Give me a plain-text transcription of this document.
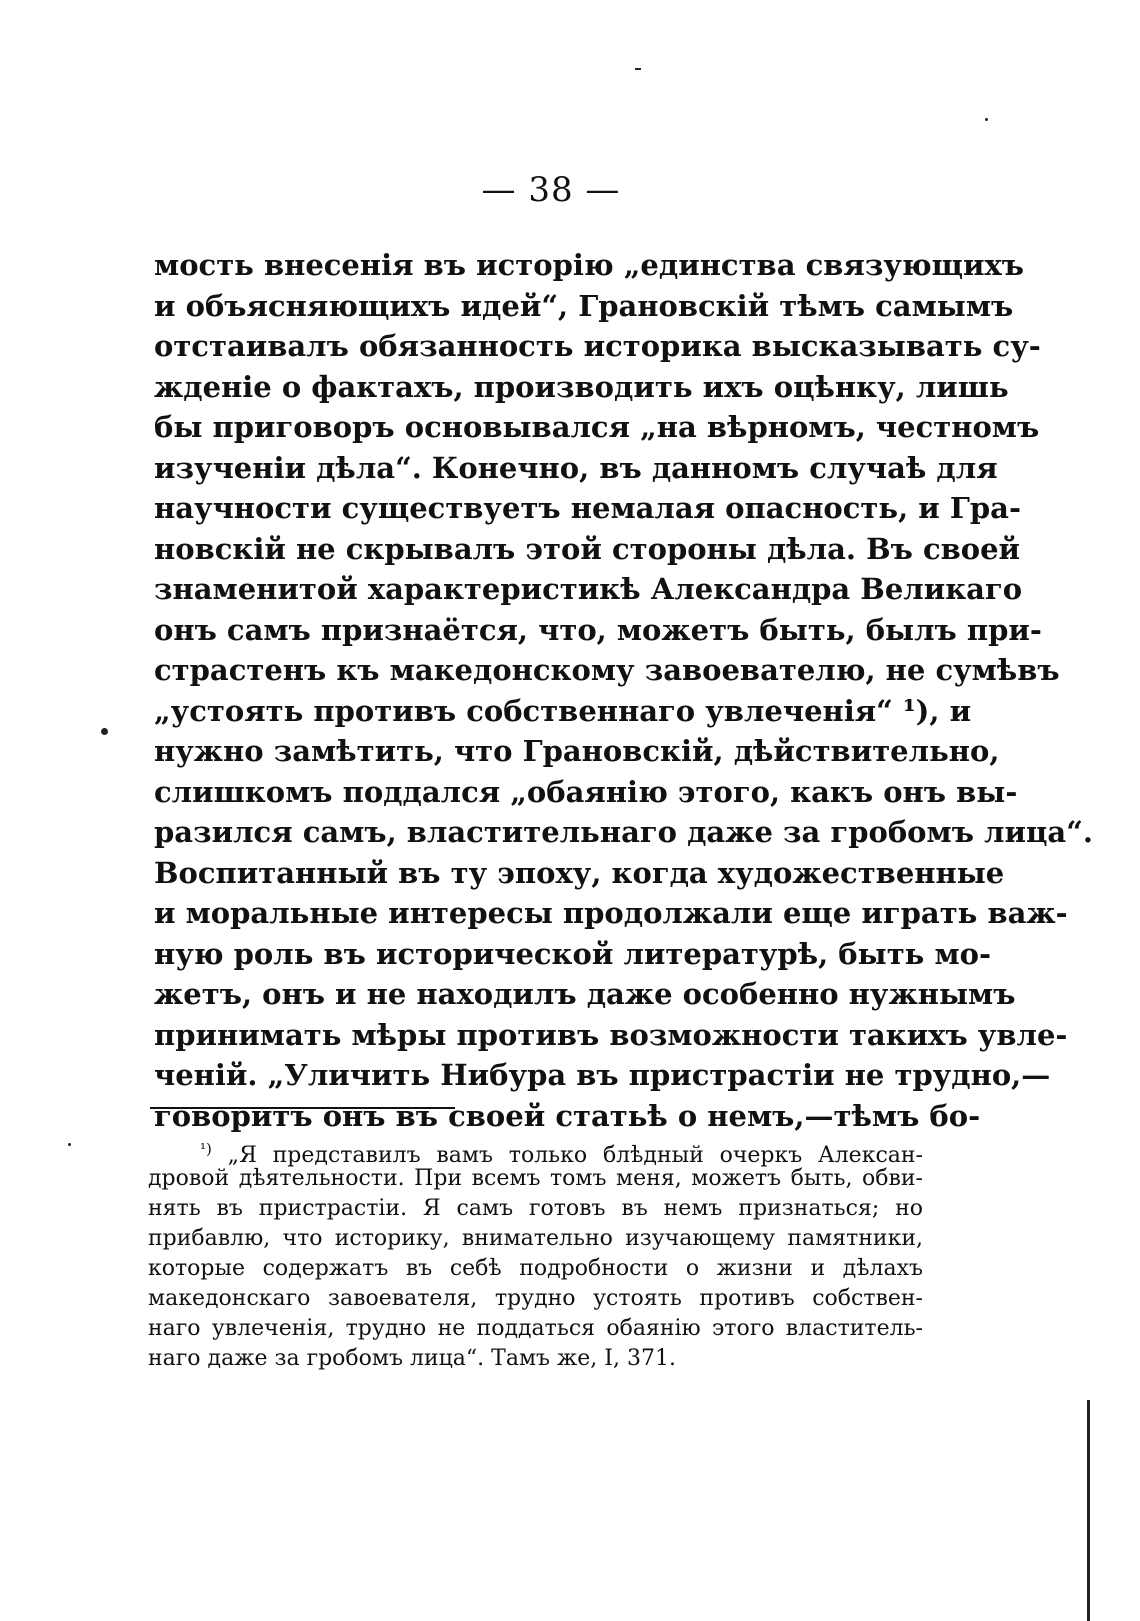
— 38 —
мость внесенія въ исторію „единства связующихъ
и объясняющихъ идей“, Грановскій тѣмъ самымъ
отстаивалъ обязанность историка высказывать су-
жденіе о фактахъ, производить ихъ оцѣнку, лишь
бы приговоръ основывался „на вѣрномъ, честномъ
изученіи дѣла“. Конечно, въ данномъ случаѣ для
научности существуетъ немалая опасность, и Гра-
новскій не скрывалъ этой стороны дѣла. Въ своей
знаменитой характеристикѣ Александра Великаго
онъ самъ признаётся, что, можетъ быть, былъ при-
страстенъ къ македонскому завоевателю, не сумѣвъ
„устоять противъ собственнаго увлеченія“ ¹), и
нужно замѣтить, что Грановскій, дѣйствительно,
слишкомъ поддался „обаянію этого, какъ онъ вы-
разился самъ, властительнаго даже за гробомъ лица“.
Воспитанный въ ту эпоху, когда художественные
и моральные интересы продолжали еще играть важ-
ную роль въ исторической литературѣ, быть мо-
жетъ, онъ и не находилъ даже особенно нужнымъ
принимать мѣры противъ возможности такихъ увле-
ченій. „Уличить Нибура въ пристрастіи не трудно,—
говоритъ онъ въ своей статьѣ о немъ,—тѣмъ бо-
$^{^1)}$ „Я представилъ вамъ только блѣдный очеркъ Алексан-
дровой дѣятельности. При всемъ томъ меня, можетъ быть, обви-
нять въ пристрастіи. Я самъ готовъ въ немъ признаться; но
прибавлю, что историку, внимательно изучающему памятники,
которые содержатъ въ себѣ подробности о жизни и дѣлахъ
македонскаго завоевателя, трудно устоять противъ собствен-
наго увлеченія, трудно не поддаться обаянію этого властитель-
наго даже за гробомъ лица“. Тамъ же, I, 371.
